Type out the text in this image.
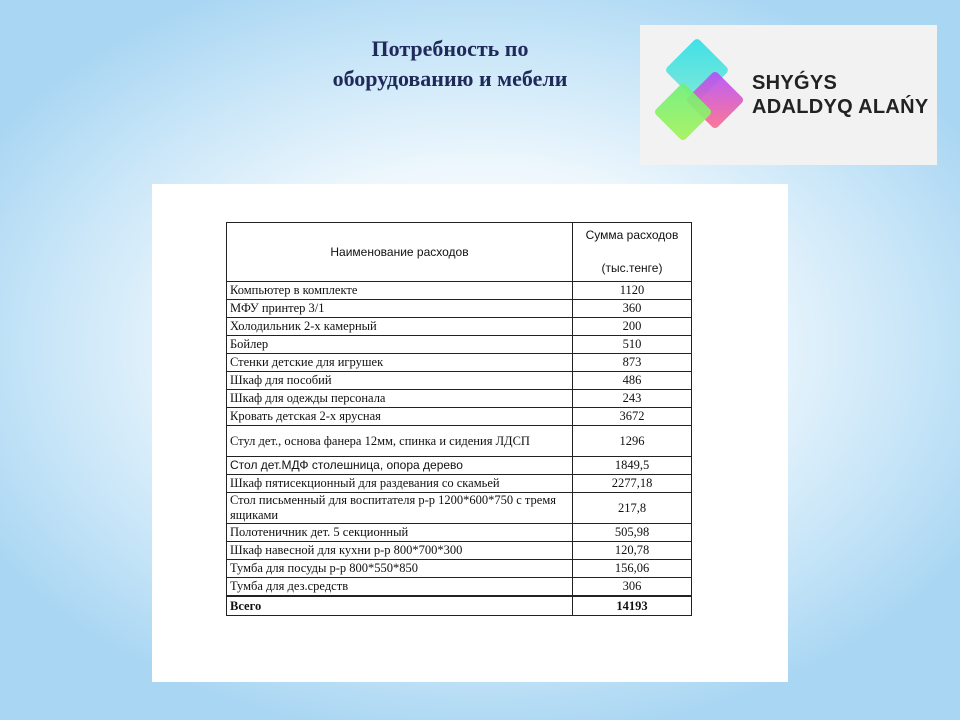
Потребность по
оборудованию и мебели	SHYǴYS
ADALDYQ ALAŃY
Наименование расходов	Сумма расходов
(тыс.тенге)

Компьютер в комплекте	1120
МФУ принтер 3/1	360
Холодильник 2-х камерный	200
Бойлер	510
Стенки детские для игрушек	873
Шкаф для пособий	486
Шкаф для одежды персонала	243
Кровать детская 2-х ярусная	3672
Стул дет., основа фанера 12мм, спинка и сидения ЛДСП	1296
Стол дет.МДФ столешница, опора дерево	1849,5
Шкаф пятисекционный для раздевания со скамьей	2277,18
Стол письменный для воспитателя р-р 1200*600*750 с тремя ящиками	217,8
Полотеничник дет. 5 секционный	505,98
Шкаф навесной для кухни р-р 800*700*300	120,78
Тумба для посуды р-р 800*550*850	156,06
Тумба для дез.средств	306
Всего	14193
